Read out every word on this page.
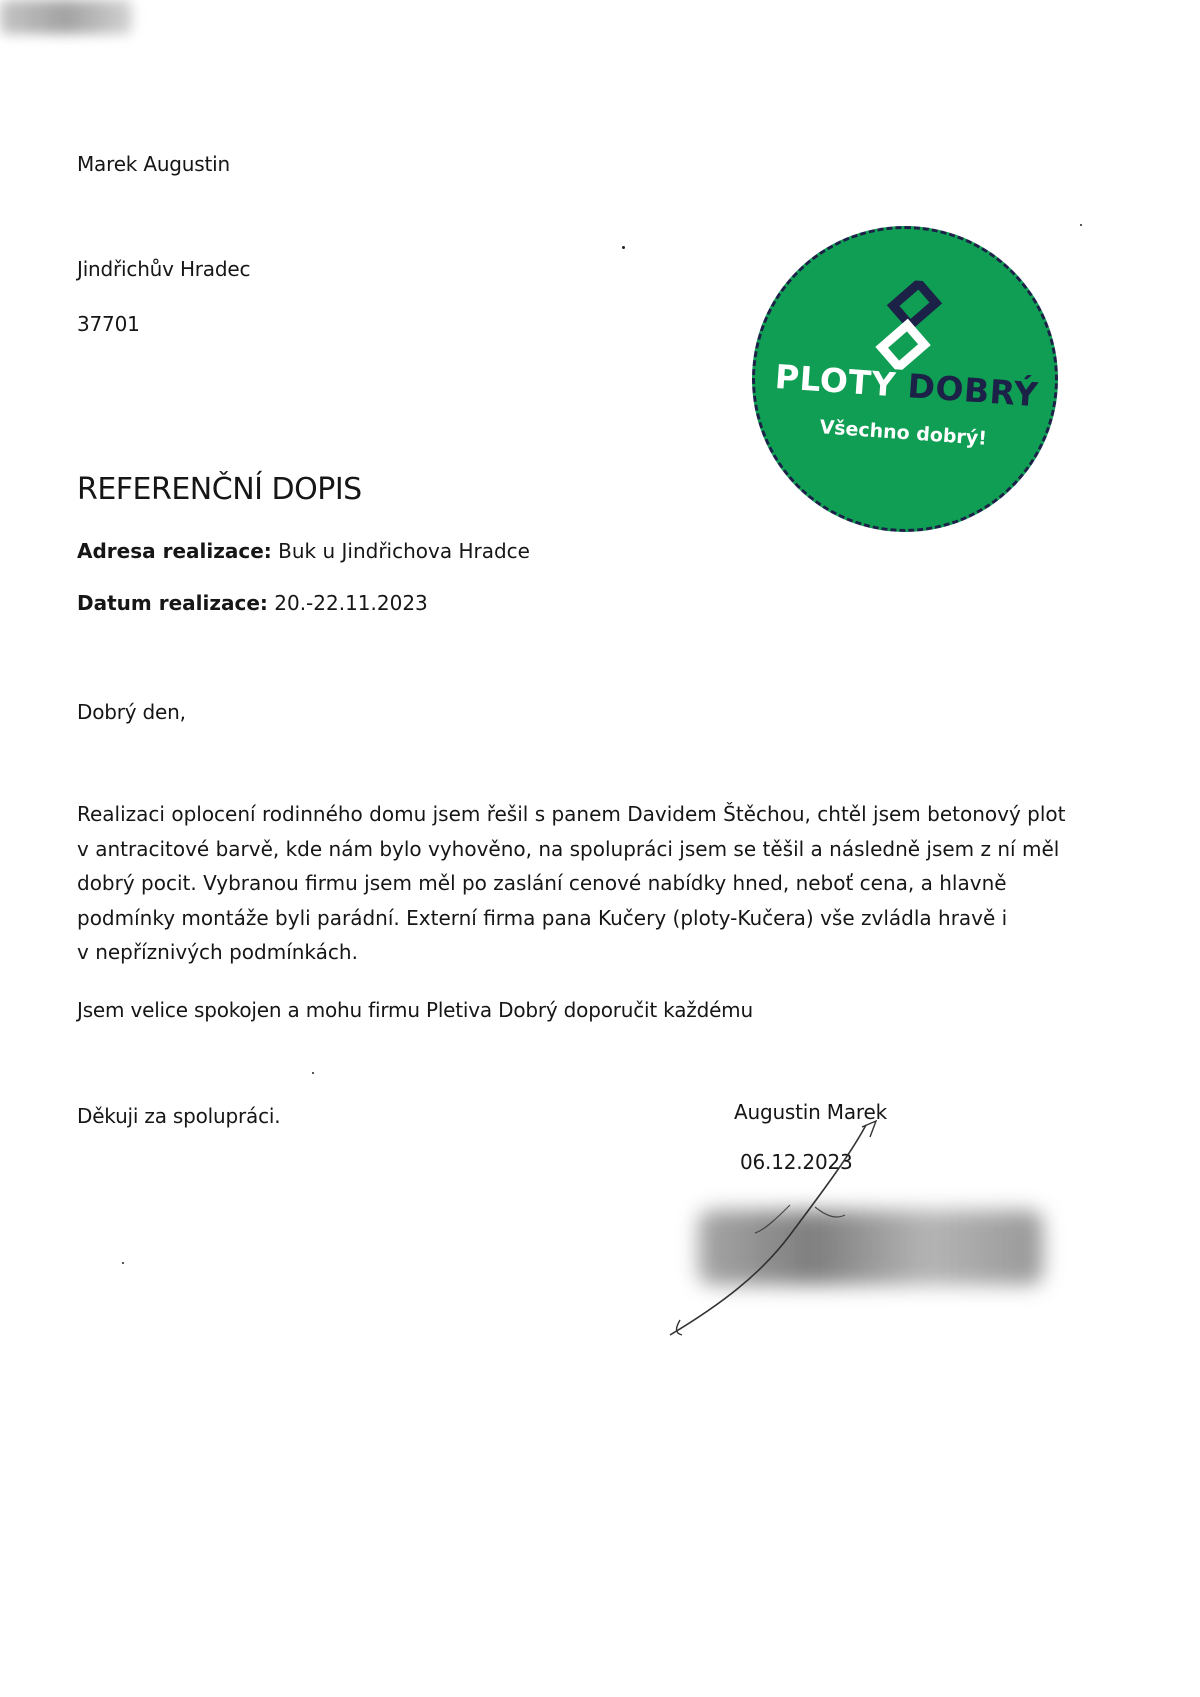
Marek Augustin
Jindřichův Hradec
37701
PLOTY DOBRÝ
Všechno dobrý!
REFERENČNÍ DOPIS
Adresa realizace: Buk u Jindřichova Hradce
Datum realizace: 20.-22.11.2023
Dobrý den,
Realizaci oplocení rodinného domu jsem řešil s panem Davidem Štěchou, chtěl jsem betonový plot
v antracitové barvě, kde nám bylo vyhověno, na spolupráci jsem se těšil a následně jsem z ní měl
dobrý pocit. Vybranou firmu jsem měl po zaslání cenové nabídky hned, neboť cena, a hlavně
podmínky montáže byli parádní. Externí firma pana Kučery (ploty-Kučera) vše zvládla hravě i
v nepříznivých podmínkách.
Jsem velice spokojen a mohu firmu Pletiva Dobrý doporučit každému
Děkuji za spolupráci.	Augustin Marek
06.12.2023
